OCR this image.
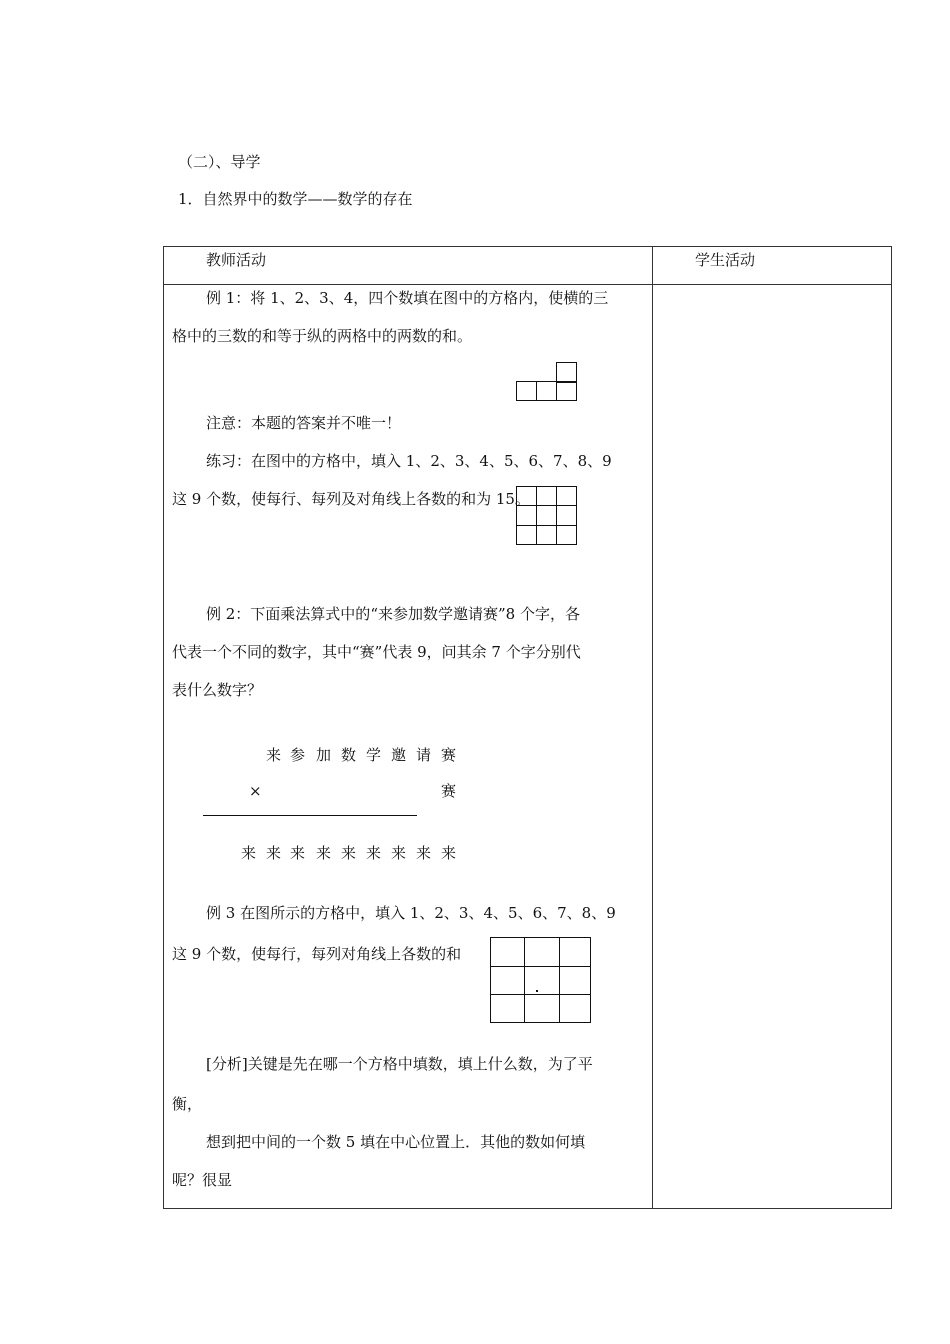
（二）、导学
1．自然界中的数学——数学的存在
教师活动	学生活动
例 1：将 1、2、3、4，四个数填在图中的方格内，使横的三
格中的三数的和等于纵的两格中的两数的和。
注意：本题的答案并不唯一！
练习：在图中的方格中，填入 1、2、3、4、5、6、7、8、9
这 9 个数，使每行、每列及对角线上各数的和为 15。
例 2：下面乘法算式中的“来参加数学邀请赛”8 个字，各
代表一个不同的数字，其中“赛”代表 9，问其余 7 个字分别代
表什么数字？
来 参 加 数 学 邀 请 赛
×	赛
来 来 来 来 来 来 来 来 来
例 3 在图所示的方格中，填入 1、2、3、4、5、6、7、8、9
这 9 个数，使每行，每列对角线上各数的和
[分析]关键是先在哪一个方格中填数，填上什么数，为了平
衡，
想到把中间的一个数 5 填在中心位置上．其他的数如何填
呢？很显
